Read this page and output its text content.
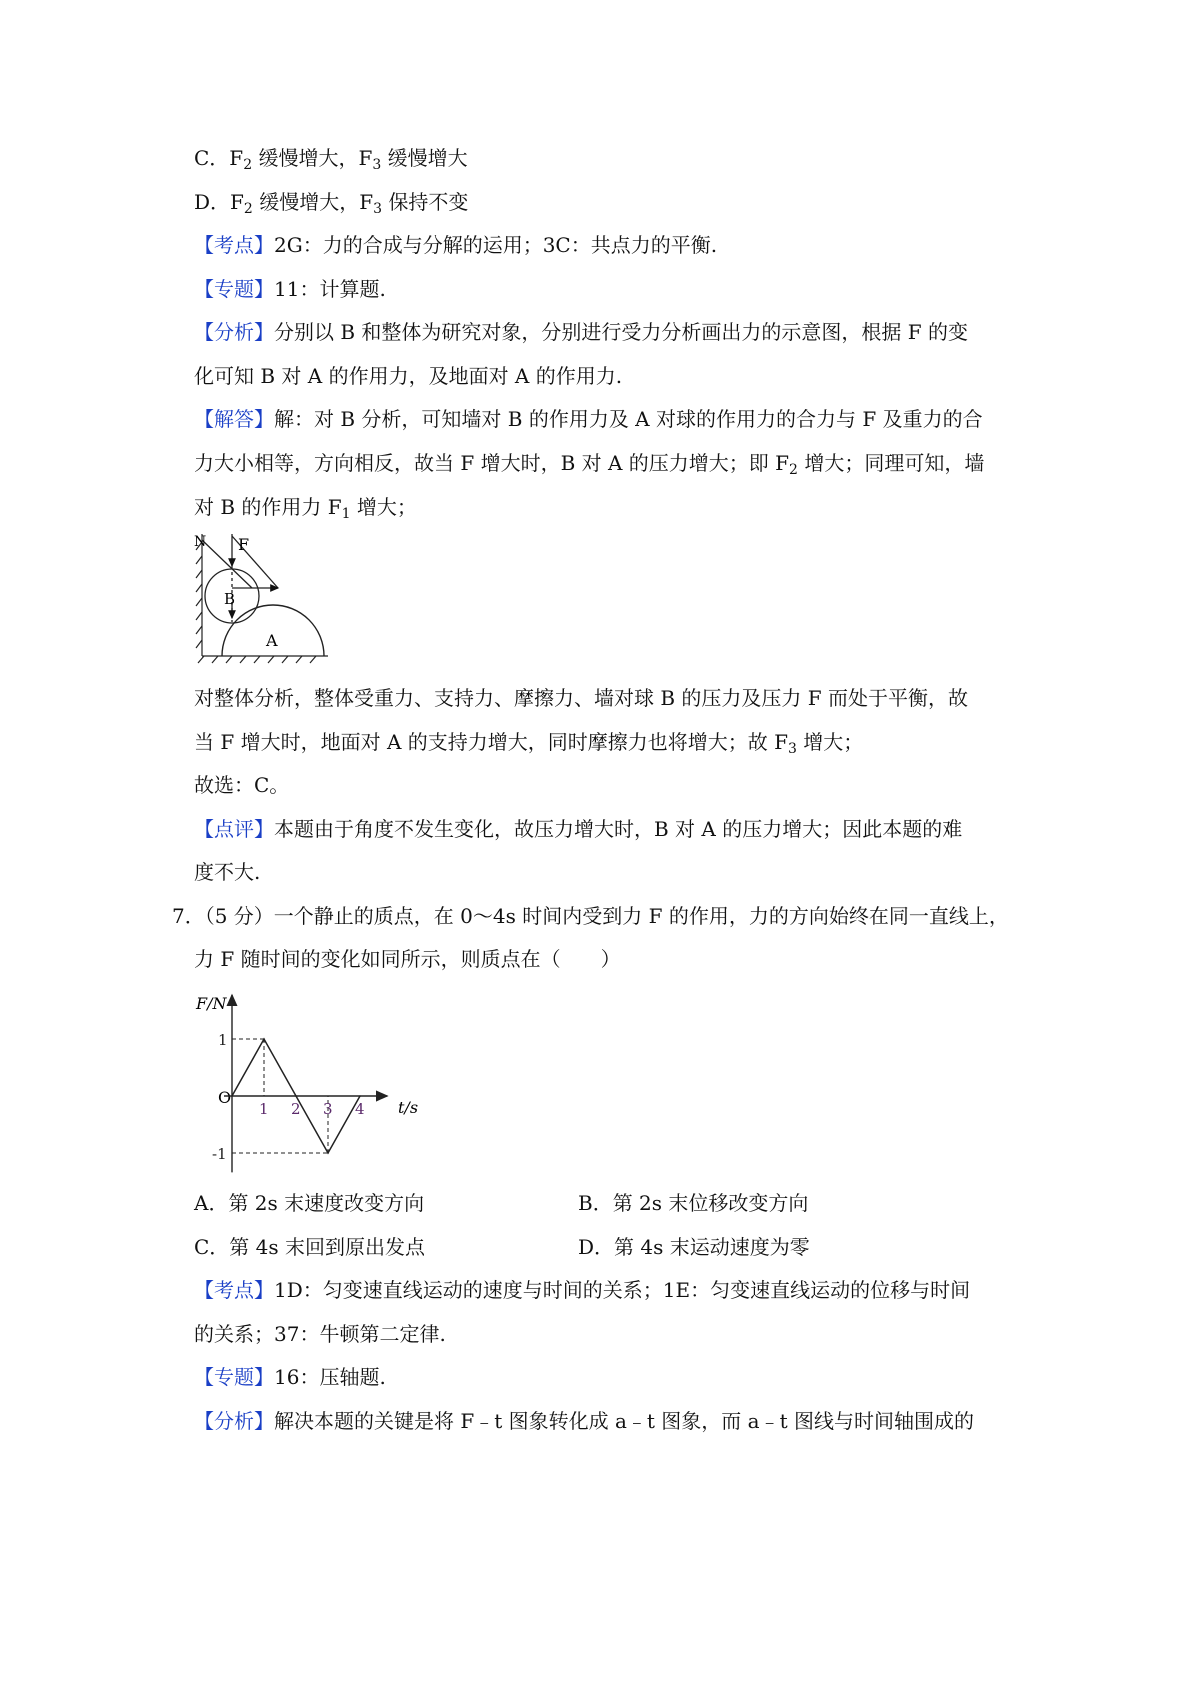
C．$F_2$ 缓慢增大，$F_3$ 缓慢增大
D．$F_2$ 缓慢增大，$F_3$ 保持不变
【考点】2G：力的合成与分解的运用；3C：共点力的平衡.
【专题】11：计算题.
【分析】分别以 B 和整体为研究对象，分别进行受力分析画出力的示意图，根据 F 的变
化可知 B 对 A 的作用力，及地面对 A 的作用力.
【解答】解：对 B 分析，可知墙对 B 的作用力及 A 对球的作用力的合力与 F 及重力的合
力大小相等，方向相反，故当 F 增大时，B 对 A 的压力增大；即 $F_2$ 增大；同理可知，墙
对 B 的作用力 $F_1$ 增大；
N F
B
A
对整体分析，整体受重力、支持力、摩擦力、墙对球 B 的压力及压力 F 而处于平衡，故
当 F 增大时，地面对 A 的支持力增大，同时摩擦力也将增大；故 $F_3$ 增大；
故选：C。
【点评】本题由于角度不发生变化，故压力增大时，B 对 A 的压力增大；因此本题的难
度不大.
7．（5 分）一个静止的质点，在 0～4s 时间内受到力 F 的作用，力的方向始终在同一直线上，
力 F 随时间的变化如同所示，则质点在（　　）
F/N
t/s
O
1 2 3 4
1
-1
A．第 2s 末速度改变方向	B．第 2s 末位移改变方向
C．第 4s 末回到原出发点	D．第 4s 末运动速度为零
【考点】1D：匀变速直线运动的速度与时间的关系；1E：匀变速直线运动的位移与时间
的关系；37：牛顿第二定律.
【专题】16：压轴题.
【分析】解决本题的关键是将 F﹣t 图象转化成 a﹣t 图象，而 a﹣t 图线与时间轴围成的
